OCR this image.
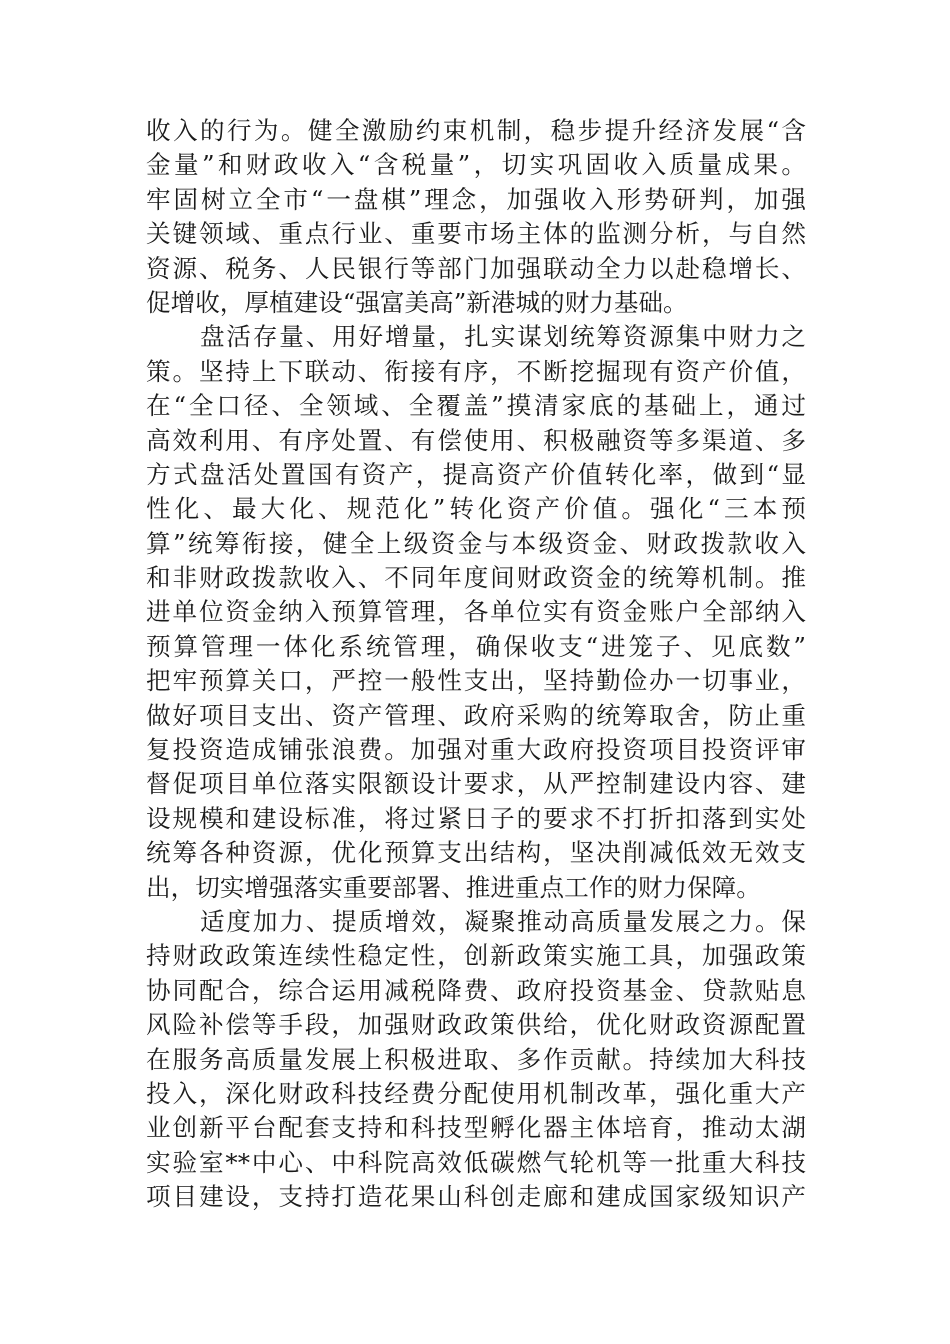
收入的行为。健全激励约束机制，稳步提升经济发展“含
金量”和财政收入“含税量”，切实巩固收入质量成果。
牢固树立全市“一盘棋”理念，加强收入形势研判，加强
关键领域、重点行业、重要市场主体的监测分析，与自然
资源、税务、人民银行等部门加强联动全力以赴稳增长、
促增收，厚植建设“强富美高”新港城的财力基础。
盘活存量、用好增量，扎实谋划统筹资源集中财力之
策。坚持上下联动、衔接有序，不断挖掘现有资产价值，
在“全口径、全领域、全覆盖”摸清家底的基础上，通过
高效利用、有序处置、有偿使用、积极融资等多渠道、多
方式盘活处置国有资产，提高资产价值转化率，做到“显
性化、最大化、规范化”转化资产价值。强化“三本预
算”统筹衔接，健全上级资金与本级资金、财政拨款收入
和非财政拨款收入、不同年度间财政资金的统筹机制。推
进单位资金纳入预算管理，各单位实有资金账户全部纳入
预算管理一体化系统管理，确保收支“进笼子、见底数”
把牢预算关口，严控一般性支出，坚持勤俭办一切事业，
做好项目支出、资产管理、政府采购的统筹取舍，防止重
复投资造成铺张浪费。加强对重大政府投资项目投资评审
督促项目单位落实限额设计要求，从严控制建设内容、建
设规模和建设标准，将过紧日子的要求不打折扣落到实处
统筹各种资源，优化预算支出结构，坚决削减低效无效支
出，切实增强落实重要部署、推进重点工作的财力保障。
适度加力、提质增效，凝聚推动高质量发展之力。保
持财政政策连续性稳定性，创新政策实施工具，加强政策
协同配合，综合运用减税降费、政府投资基金、贷款贴息
风险补偿等手段，加强财政政策供给，优化财政资源配置
在服务高质量发展上积极进取、多作贡献。持续加大科技
投入，深化财政科技经费分配使用机制改革，强化重大产
业创新平台配套支持和科技型孵化器主体培育，推动太湖
实验室**中心、中科院高效低碳燃气轮机等一批重大科技
项目建设，支持打造花果山科创走廊和建成国家级知识产
